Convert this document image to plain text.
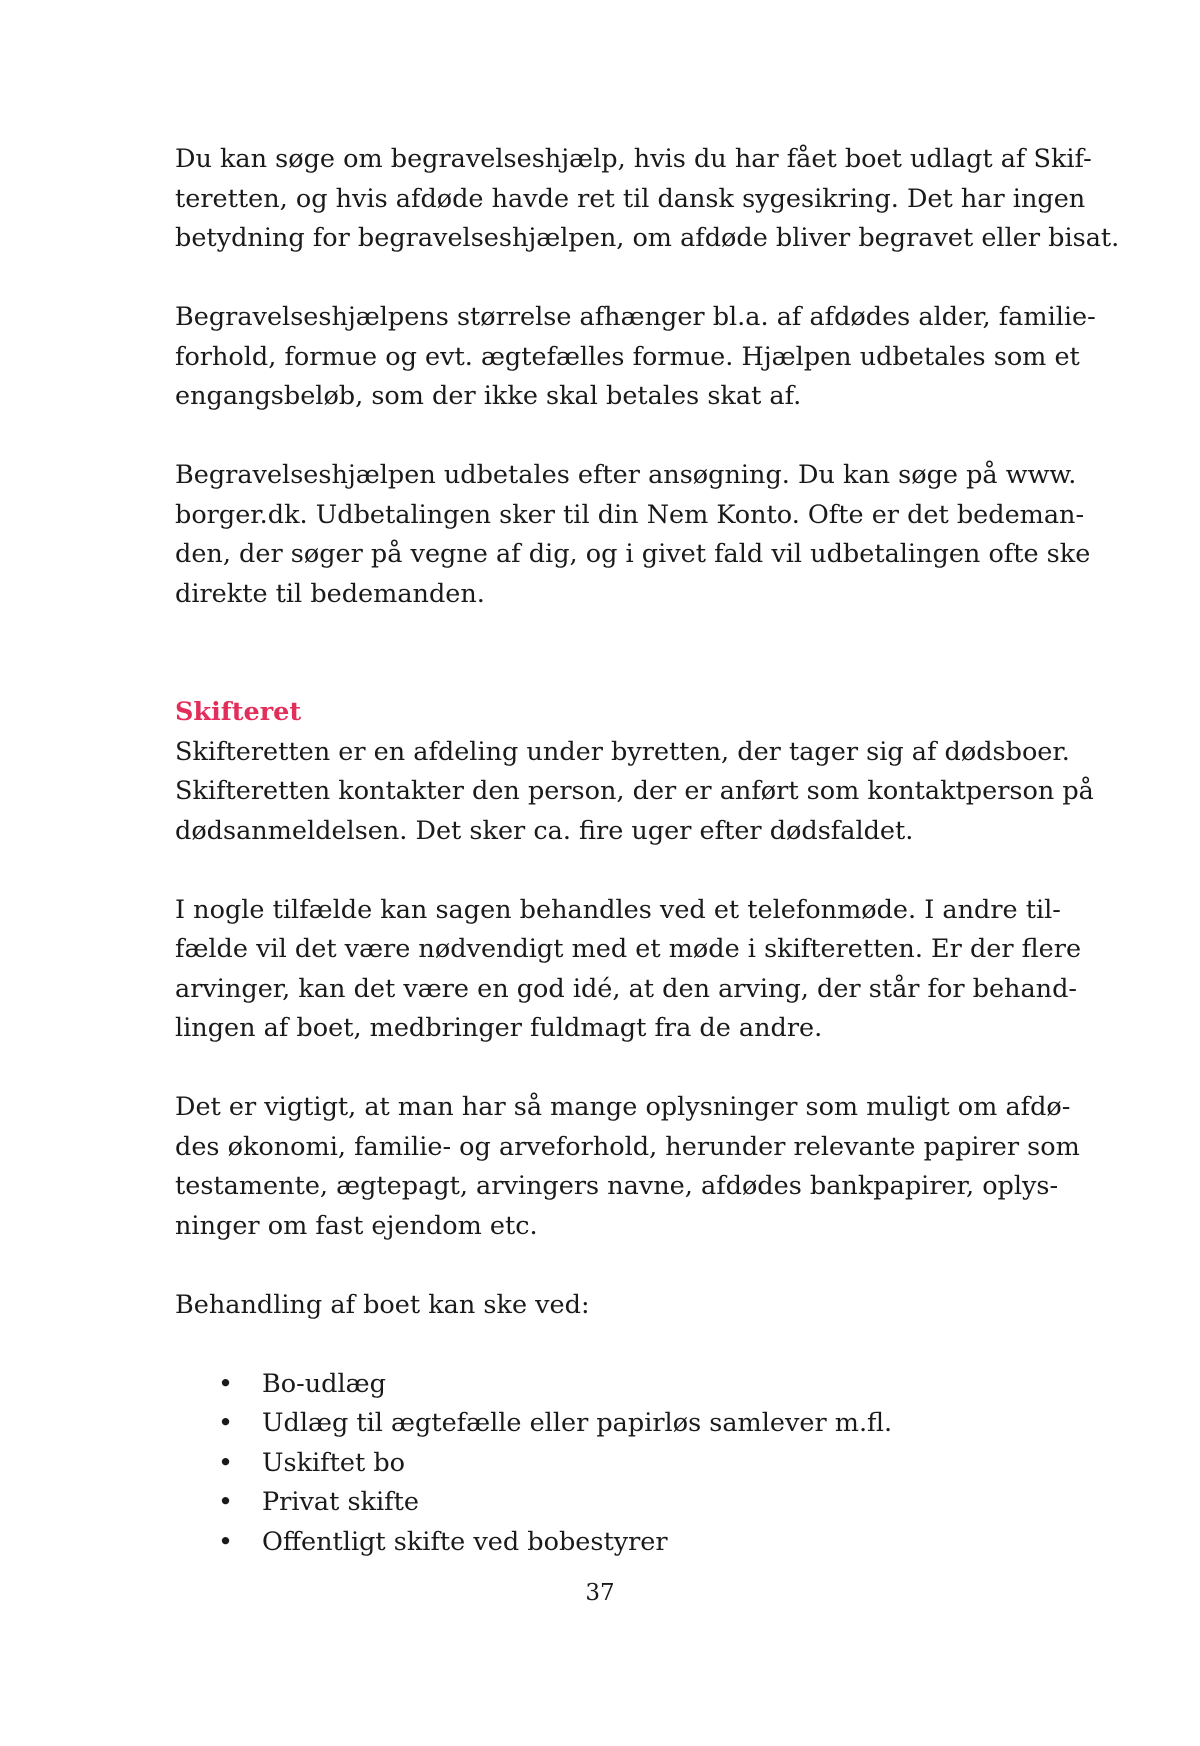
Du kan søge om begravelseshjælp, hvis du har fået boet udlagt af Skif-
teretten, og hvis afdøde havde ret til dansk sygesikring. Det har ingen
betydning for begravelseshjælpen, om afdøde bliver begravet eller bisat.

Begravelseshjælpens størrelse afhænger bl.a. af afdødes alder, familie-
forhold, formue og evt. ægtefælles formue. Hjælpen udbetales som et
engangsbeløb, som der ikke skal betales skat af.

Begravelseshjælpen udbetales efter ansøgning. Du kan søge på www.
borger.dk. Udbetalingen sker til din Nem Konto. Ofte er det bedeman-
den, der søger på vegne af dig, og i givet fald vil udbetalingen ofte ske
direkte til bedemanden.

Skifteret

Skifteretten er en afdeling under byretten, der tager sig af dødsboer.
Skifteretten kontakter den person, der er anført som kontaktperson på
dødsanmeldelsen. Det sker ca. fire uger efter dødsfaldet.

I nogle tilfælde kan sagen behandles ved et telefonmøde. I andre til-
fælde vil det være nødvendigt med et møde i skifteretten. Er der flere
arvinger, kan det være en god idé, at den arving, der står for behand-
lingen af boet, medbringer fuldmagt fra de andre.

Det er vigtigt, at man har så mange oplysninger som muligt om afdø-
des økonomi, familie- og arveforhold, herunder relevante papirer som
testamente, ægtepagt, arvingers navne, afdødes bankpapirer, oplys-
ninger om fast ejendom etc.

Behandling af boet kan ske ved:

• Bo-udlæg
• Udlæg til ægtefælle eller papirløs samlever m.fl.
• Uskiftet bo
• Privat skifte
• Offentligt skifte ved bobestyrer
37
